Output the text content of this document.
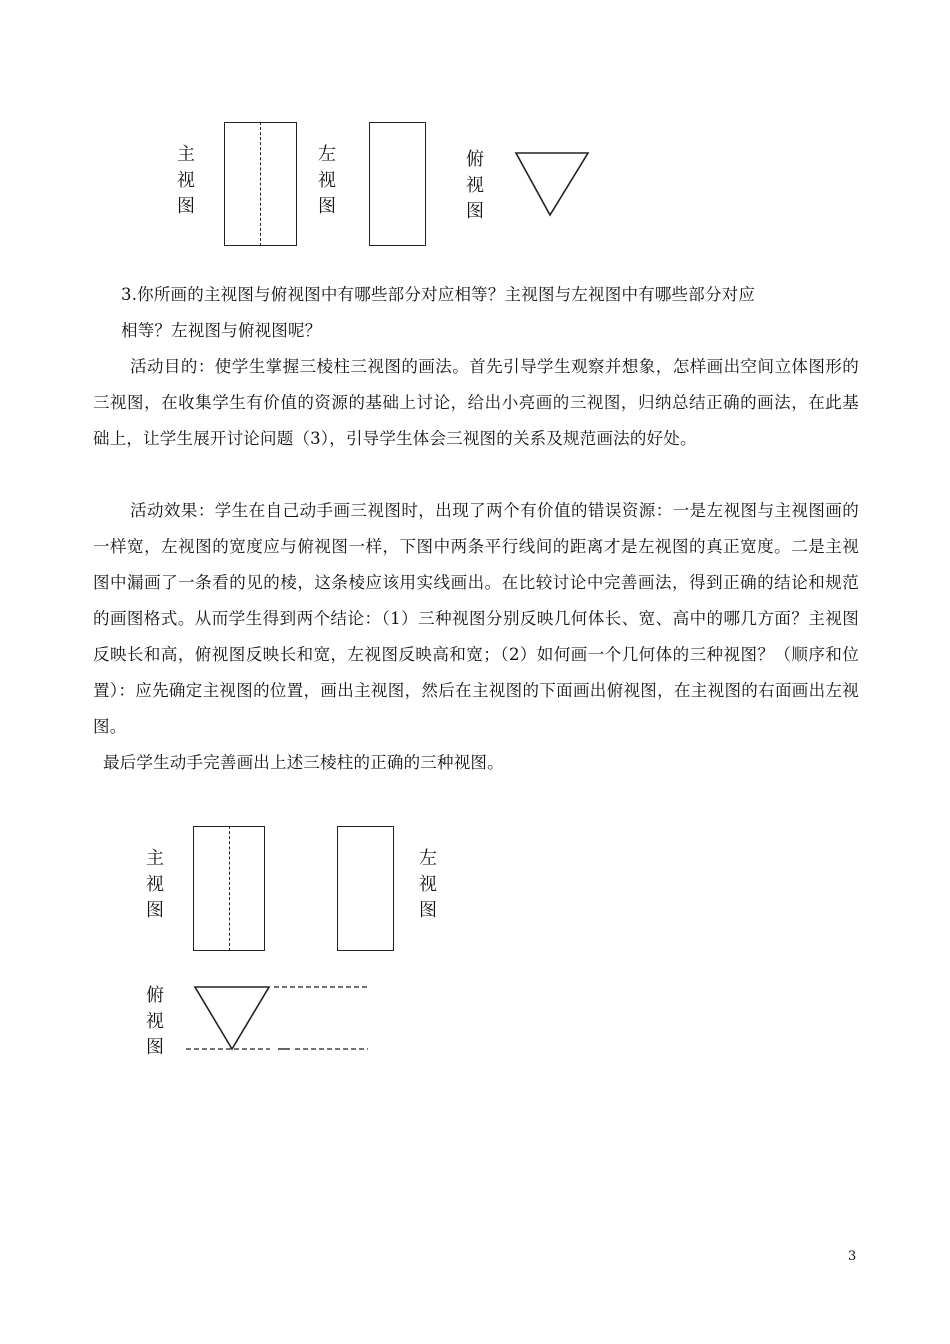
主
视
图
左
视
图
俯
视
图
3.你所画的主视图与俯视图中有哪些部分对应相等？主视图与左视图中有哪些部分对应
相等？左视图与俯视图呢？
活动目的：使学生掌握三棱柱三视图的画法。首先引导学生观察并想象，怎样画出空间立体图形的三视图，在收集学生有价值的资源的基础上讨论，给出小亮画的三视图，归纳总结正确的画法，在此基础上，让学生展开讨论问题（3），引导学生体会三视图的关系及规范画法的好处。
活动效果：学生在自己动手画三视图时，出现了两个有价值的错误资源：一是左视图与主视图画的一样宽，左视图的宽度应与俯视图一样，下图中两条平行线间的距离才是左视图的真正宽度。二是主视图中漏画了一条看的见的棱，这条棱应该用实线画出。在比较讨论中完善画法，得到正确的结论和规范的画图格式。从而学生得到两个结论：（1）三种视图分别反映几何体长、宽、高中的哪几方面？主视图反映长和高，俯视图反映长和宽，左视图反映高和宽；（2）如何画一个几何体的三种视图？（顺序和位置）：应先确定主视图的位置，画出主视图，然后在主视图的下面画出俯视图，在主视图的右面画出左视图。
最后学生动手完善画出上述三棱柱的正确的三种视图。
主
视
图
左
视
图
俯
视
图
3
